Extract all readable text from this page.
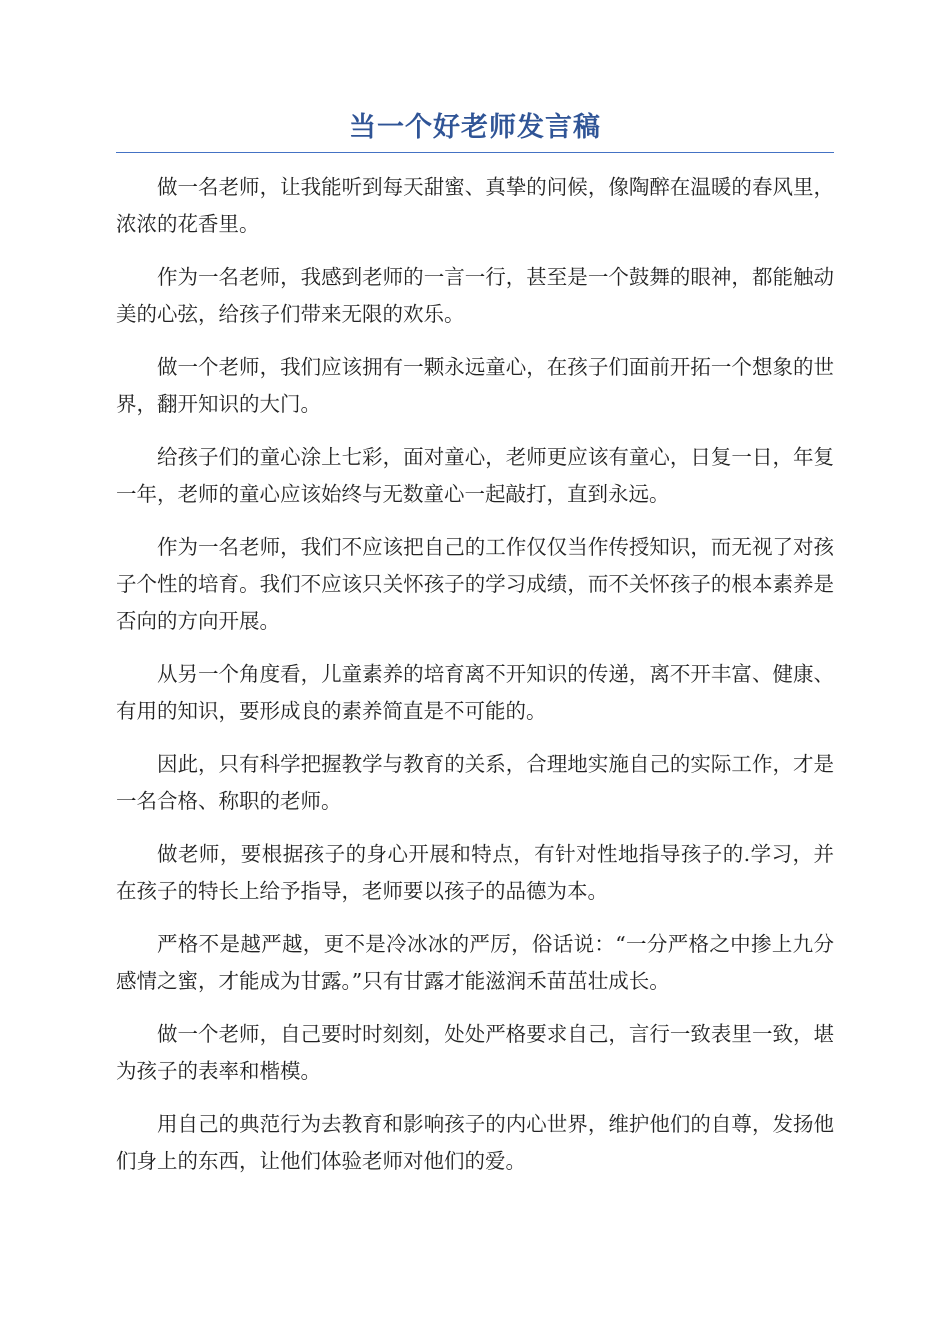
当一个好老师发言稿

做一名老师，让我能听到每天甜蜜、真挚的问候，像陶醉在温暖的春风里，浓浓的花香里。

作为一名老师，我感到老师的一言一行，甚至是一个鼓舞的眼神，都能触动美的心弦，给孩子们带来无限的欢乐。

做一个老师，我们应该拥有一颗永远童心，在孩子们面前开拓一个想象的世界，翻开知识的大门。

给孩子们的童心涂上七彩，面对童心，老师更应该有童心，日复一日，年复一年，老师的童心应该始终与无数童心一起敲打，直到永远。

作为一名老师，我们不应该把自己的工作仅仅当作传授知识，而无视了对孩子个性的培育。我们不应该只关怀孩子的学习成绩，而不关怀孩子的根本素养是否向的方向开展。

从另一个角度看，儿童素养的培育离不开知识的传递，离不开丰富、健康、有用的知识，要形成良的素养简直是不可能的。

因此，只有科学把握教学与教育的关系，合理地实施自己的实际工作，才是一名合格、称职的老师。

做老师，要根据孩子的身心开展和特点，有针对性地指导孩子的.学习，并在孩子的特长上给予指导，老师要以孩子的品德为本。

严格不是越严越，更不是冷冰冰的严厉，俗话说：“一分严格之中掺上九分感情之蜜，才能成为甘露。”只有甘露才能滋润禾苗茁壮成长。

做一个老师，自己要时时刻刻，处处严格要求自己，言行一致表里一致，堪为孩子的表率和楷模。

用自己的典范行为去教育和影响孩子的内心世界，维护他们的自尊，发扬他们身上的东西，让他们体验老师对他们的爱。
